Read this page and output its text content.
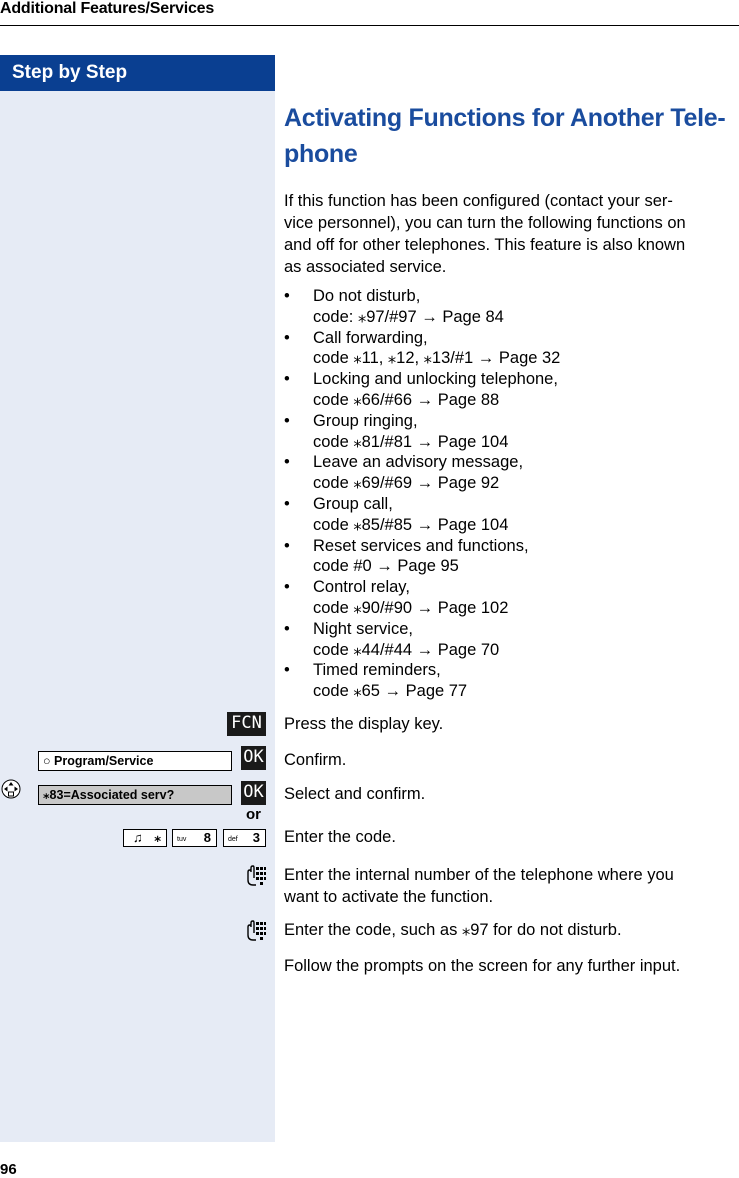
Additional Features/Services
Step by Step
Activating Functions for Another Tele-
phone
If this function has been configured (contact your ser-
vice personnel), you can turn the following functions on
and off for other telephones. This feature is also known
as associated service.
• Do not disturb,
code: ⁎97/#97 → Page 84
• Call forwarding,
code ⁎11, ⁎12, ⁎13/#1 → Page 32
• Locking and unlocking telephone,
code ⁎66/#66 → Page 88
• Group ringing,
code ⁎81/#81 → Page 104
• Leave an advisory message,
code ⁎69/#69 → Page 92
• Group call,
code ⁎85/#85 → Page 104
• Reset services and functions,
code #0 → Page 95
• Control relay,
code ⁎90/#90 → Page 102
• Night service,
code ⁎44/#44 → Page 70
• Timed reminders,
code ⁎65 → Page 77
FCN Press the display key.
○ Program/Service	OK Confirm.
⁎83=Associated serv?	OK Select and confirm.
or
♫ ⁎ tuv 8 def 3 Enter the code.
Enter the internal number of the telephone where you
want to activate the function.
Enter the code, such as ⁎97 for do not disturb.
Follow the prompts on the screen for any further input.
96
